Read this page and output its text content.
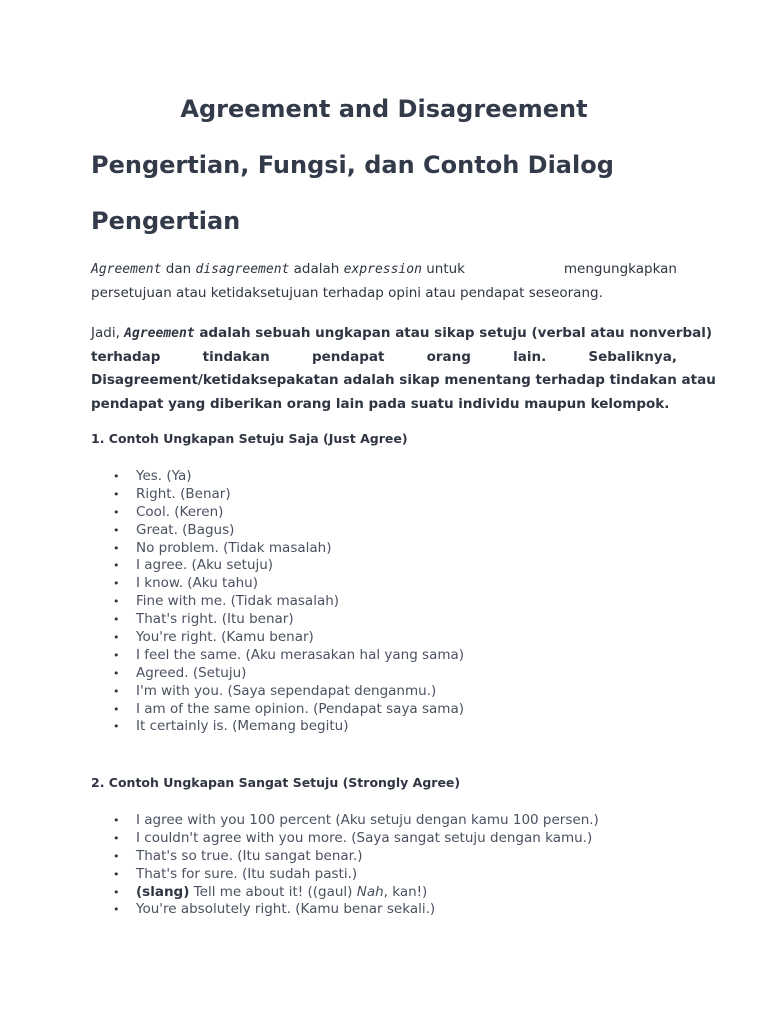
Agreement and Disagreement
Pengertian, Fungsi, dan Contoh Dialog
Pengertian
Agreement dan disagreement adalah expression untuk	mengungkapkan
persetujuan atau ketidaksetujuan terhadap opini atau pendapat seseorang.
Jadi, Agreement adalah sebuah ungkapan atau sikap setuju (verbal atau nonverbal)
terhadap	tindakan	pendapat	orang	lain.	Sebaliknya,
Disagreement/ketidaksepakatan adalah sikap menentang terhadap tindakan atau
pendapat yang diberikan orang lain pada suatu individu maupun kelompok.
1. Contoh Ungkapan Setuju Saja (Just Agree)
• Yes. (Ya)
• Right. (Benar)
• Cool. (Keren)
• Great. (Bagus)
• No problem. (Tidak masalah)
• I agree. (Aku setuju)
• I know. (Aku tahu)
• Fine with me. (Tidak masalah)
• That's right. (Itu benar)
• You're right. (Kamu benar)
• I feel the same. (Aku merasakan hal yang sama)
• Agreed. (Setuju)
• I'm with you. (Saya sependapat denganmu.)
• I am of the same opinion. (Pendapat saya sama)
• It certainly is. (Memang begitu)
2. Contoh Ungkapan Sangat Setuju (Strongly Agree)
• I agree with you 100 percent (Aku setuju dengan kamu 100 persen.)
• I couldn't agree with you more. (Saya sangat setuju dengan kamu.)
• That's so true. (Itu sangat benar.)
• That's for sure. (Itu sudah pasti.)
• (slang) Tell me about it! ((gaul) Nah, kan!)
• You're absolutely right. (Kamu benar sekali.)
